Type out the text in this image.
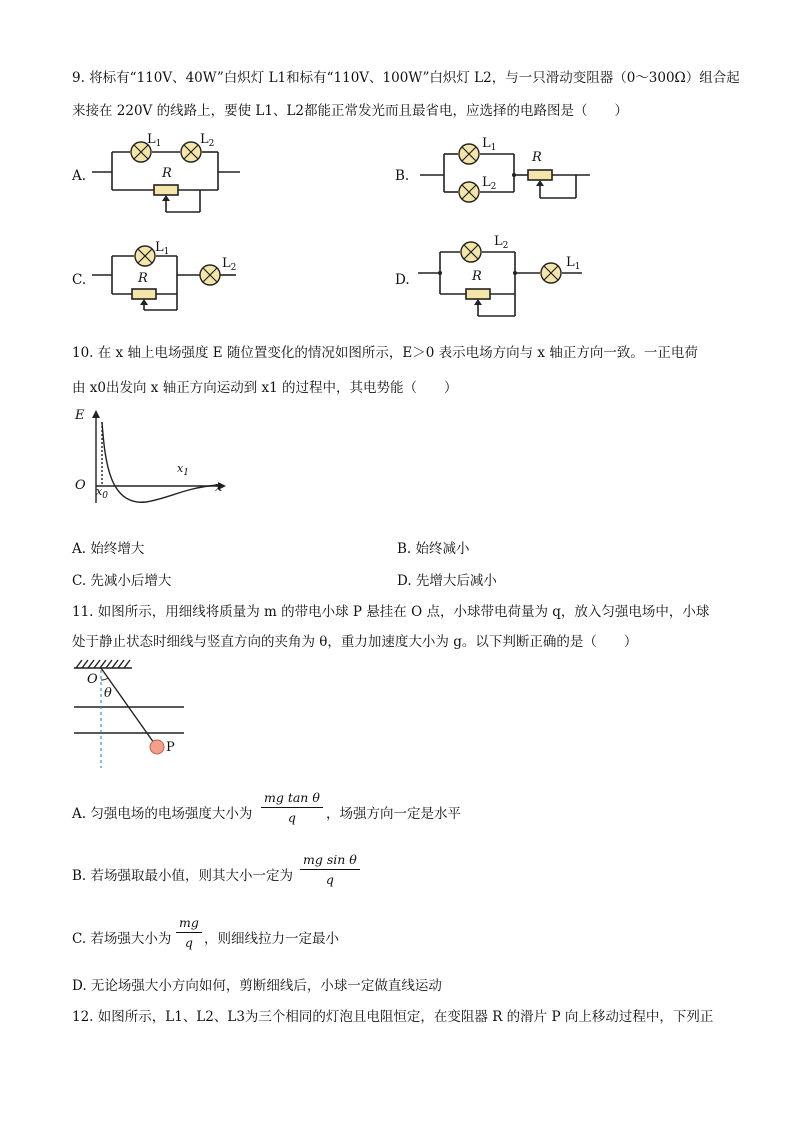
9. 将标有“110V、40W”白炽灯 L1和标有“110V、100W”白炽灯 L2，与一只滑动变阻器（0～300Ω）组合起
来接在 220V 的线路上，要使 L1、L2都能正常发光而且最省电，应选择的电路图是（　　）
A.
$L_1$	$L_2$
R	B.
$L_1$
$L_2$
R
C.
$L_1$
$L_2$
R	D.
$L_2$
$L_1$
R
10. 在 x 轴上电场强度 E 随位置变化的情况如图所示，E＞0 表示电场方向与 x 轴正方向一致。一正电荷
由 x0出发向 x 轴正方向运动到 x1 的过程中，其电势能（　　）
E
O	x
$x_0$
$x_1$
A. 始终增大	B. 始终减小
C. 先减小后增大	D. 先增大后减小
11. 如图所示，用细线将质量为 m 的带电小球 P 悬挂在 O 点，小球带电荷量为 q，放入匀强电场中，小球
处于静止状态时细线与竖直方向的夹角为 θ，重力加速度大小为 g。以下判断正确的是（　　）
O
θ
P
A. 匀强电场的电场强度大小为 $\frac{\text{mg tan θ}}{q}$ ，场强方向一定是水平
B. 若场强取最小值，则其大小一定为 $\frac{\text{mg sin θ}}{q}$
C. 若场强大小为 $\frac{mg}{q}$ ，则细线拉力一定最小
D. 无论场强大小方向如何，剪断细线后，小球一定做直线运动
12. 如图所示，L1、L2、L3为三个相同的灯泡且电阻恒定，在变阻器 R 的滑片 P 向上移动过程中，下列正
